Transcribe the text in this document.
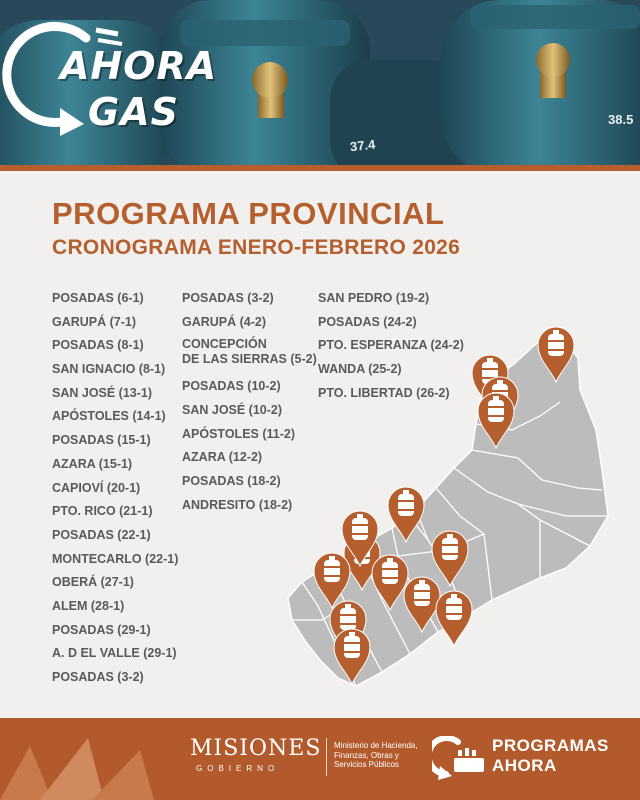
AHORA
GAS
37.4
38.5
PROGRAMA PROVINCIAL
CRONOGRAMA ENERO-FEBRERO 2026
POSADAS (6-1)
GARUPÁ (7-1)
POSADAS (8-1)
SAN IGNACIO (8-1)
SAN JOSÉ (13-1)
APÓSTOLES (14-1)
POSADAS (15-1)
AZARA (15-1)
CAPIOVÍ (20-1)
PTO. RICO (21-1)
POSADAS (22-1)
MONTECARLO (22-1)
OBERÁ (27-1)
ALEM (28-1)
POSADAS (29-1)
A. D EL VALLE (29-1)
POSADAS (3-2)
POSADAS (3-2)
GARUPÁ (4-2)
CONCEPCIÓN
DE LAS SIERRAS (5-2)
POSADAS (10-2)
SAN JOSÉ (10-2)
APÓSTOLES (11-2)
AZARA (12-2)
POSADAS (18-2)
ANDRESITO (18-2)
SAN PEDRO (19-2)
POSADAS (24-2)
PTO. ESPERANZA (24-2)
WANDA (25-2)
PTO. LIBERTAD (26-2)
MISIONES
GOBIERNO
Ministerio de Hacienda,
Finanzas, Obras y
Servicios Públicos
PROGRAMAS
AHORA
